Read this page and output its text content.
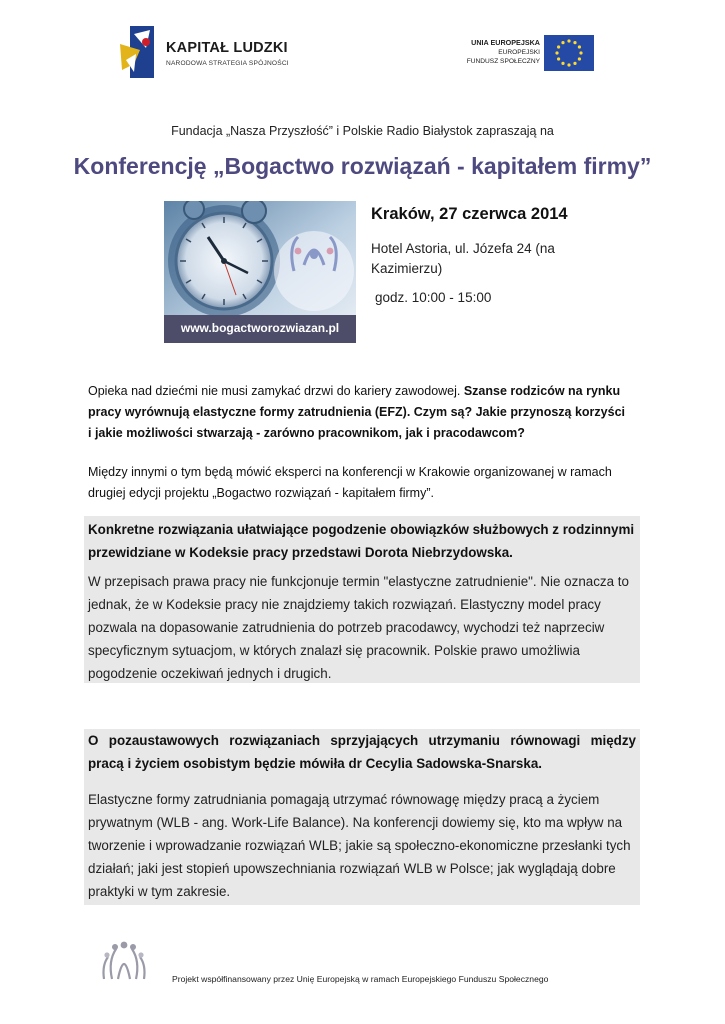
KAPITAŁ LUDZKI
NARODOWA STRATEGIA SPÓJNOŚCI
UNIA EUROPEJSKA
EUROPEJSKI
FUNDUSZ SPOŁECZNY
Fundacja „Nasza Przyszłość” i Polskie Radio Białystok zapraszają na
Konferencję „Bogactwo rozwiązań - kapitałem firmy”
www.bogactworozwiazan.pl
Kraków, 27 czerwca 2014
Hotel Astoria, ul. Józefa 24 (na Kazimierzu)
godz. 10:00 - 15:00
Opieka nad dziećmi nie musi zamykać drzwi do kariery zawodowej. Szanse rodziców na rynku pracy wyrównują elastyczne formy zatrudnienia (EFZ). Czym są? Jakie przynoszą korzyści i jakie możliwości stwarzają - zarówno pracownikom, jak i pracodawcom?
Między innymi o tym będą mówić eksperci na konferencji w Krakowie organizowanej w ramach drugiej edycji projektu „Bogactwo rozwiązań - kapitałem firmy”.
Konkretne rozwiązania ułatwiające pogodzenie obowiązków służbowych z rodzinnymi przewidziane w Kodeksie pracy przedstawi Dorota Niebrzydowska.
W przepisach prawa pracy nie funkcjonuje termin "elastyczne zatrudnienie". Nie oznacza to jednak, że w Kodeksie pracy nie znajdziemy takich rozwiązań. Elastyczny model pracy pozwala na dopasowanie zatrudnienia do potrzeb pracodawcy, wychodzi też naprzeciw specyficznym sytuacjom, w których znalazł się pracownik. Polskie prawo umożliwia pogodzenie oczekiwań jednych i drugich.
O pozaustawowych rozwiązaniach sprzyjających utrzymaniu równowagi między
pracą i życiem osobistym będzie mówiła dr Cecylia Sadowska-Snarska.
Elastyczne formy zatrudniania pomagają utrzymać równowagę między pracą a życiem prywatnym (WLB - ang. Work-Life Balance). Na konferencji dowiemy się, kto ma wpływ na tworzenie i wprowadzanie rozwiązań WLB; jakie są społeczno-ekonomiczne przesłanki tych działań; jaki jest stopień upowszechniania rozwiązań WLB w Polsce; jak wyglądają dobre praktyki w tym zakresie.
Projekt współfinansowany przez Unię Europejską w ramach Europejskiego Funduszu Społecznego
